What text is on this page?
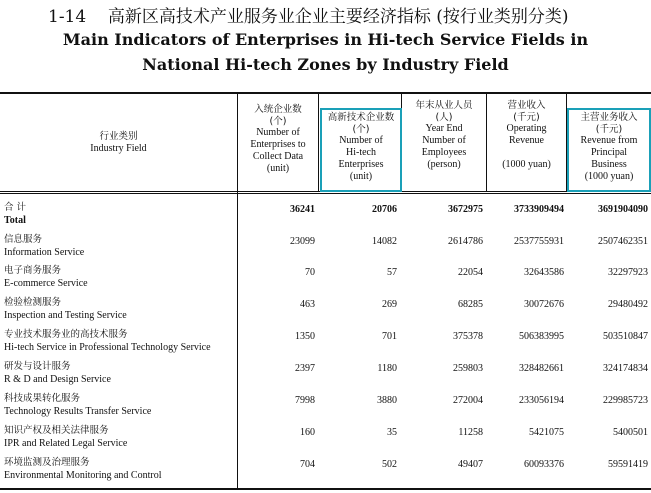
1-14 高新区高技术产业服务业企业主要经济指标 (按行业类别分类)
Main Indicators of Enterprises in Hi-tech Service Fields in
National Hi-tech Zones by Industry Field
行业类别
Industry Field
入统企业数
(个)
Number of
Enterprises to
Collect Data
(unit)
高新技术企业数
(个)
Number of
Hi-tech
Enterprises
(unit)
年末从业人员
(人)
Year End
Number of
Employees
(person)
营业收入
(千元)
Operating
Revenue
(1000 yuan)
主营业务收入
(千元)
Revenue from
Principal
Business
(1000 yuan)
合 计
Total
36241	20706	3672975	3733909494	3691904090
信息服务
Information Service
23099	14082	2614786	2537755931	2507462351
电子商务服务
E-commerce Service
70	57	22054	32643586	32297923
检验检测服务
Inspection and Testing Service
463	269	68285	30072676	29480492
专业技术服务业的高技术服务
Hi-tech Service in Professional Technology Service
1350	701	375378	506383995	503510847
研发与设计服务
R & D and Design Service
2397	1180	259803	328482661	324174834
科技成果转化服务
Technology Results Transfer Service
7998	3880	272004	233056194	229985723
知识产权及相关法律服务
IPR and Related Legal Service
160	35	11258	5421075	5400501
环境监测及治理服务
Environmental Monitoring and Control
704	502	49407	60093376	59591419
